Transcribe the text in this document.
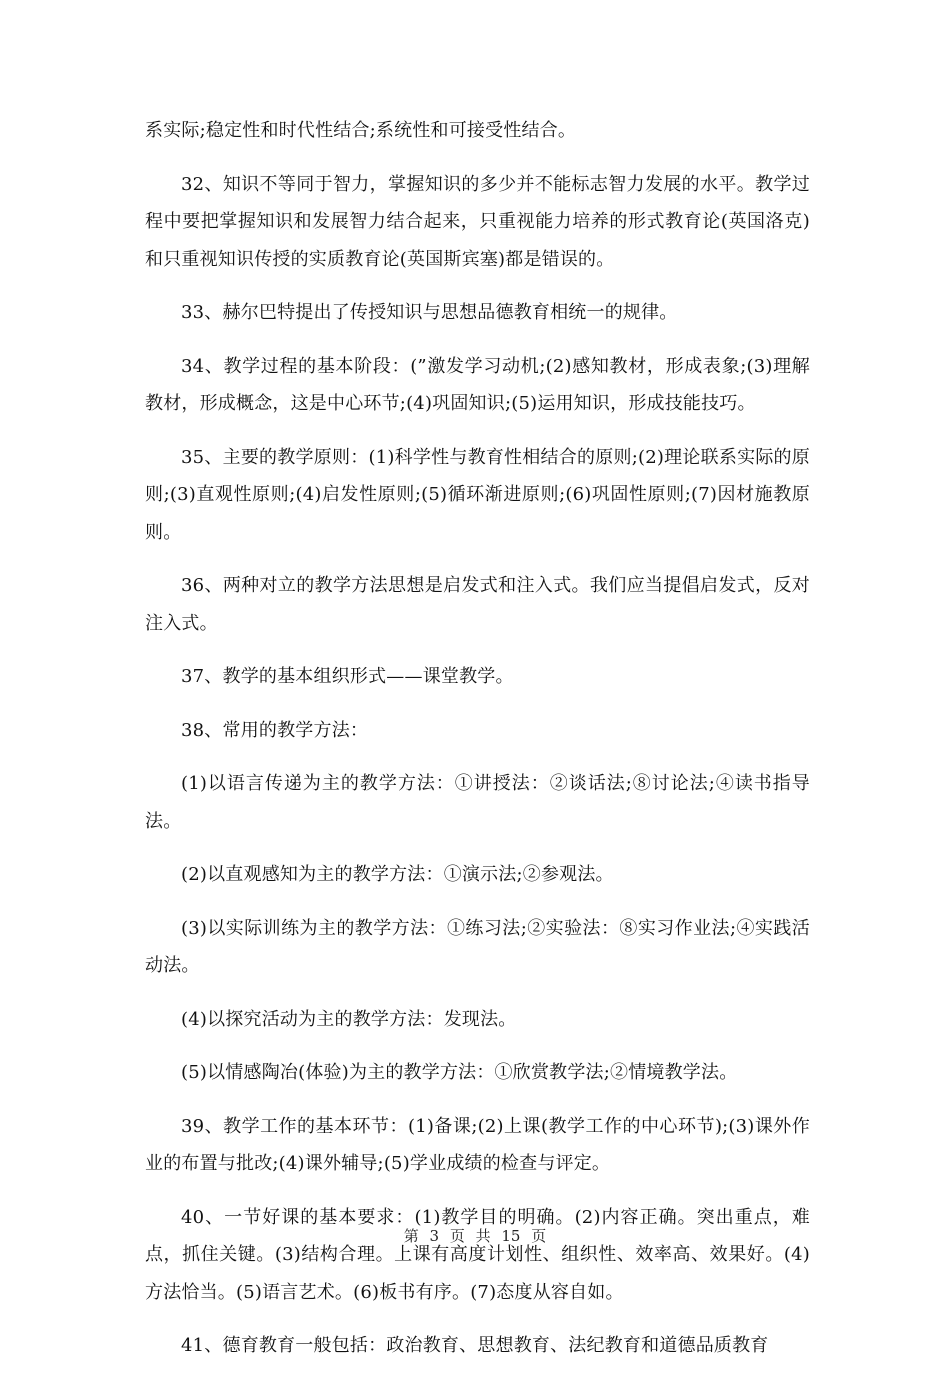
系实际;稳定性和时代性结合;系统性和可接受性结合。

32、知识不等同于智力，掌握知识的多少并不能标志智力发展的水平。教学过程中要把掌握知识和发展智力结合起来，只重视能力培养的形式教育论(英国洛克)和只重视知识传授的实质教育论(英国斯宾塞)都是错误的。

33、赫尔巴特提出了传授知识与思想品德教育相统一的规律。

34、教学过程的基本阶段：(”激发学习动机;(2)感知教材，形成表象;(3)理解教材，形成概念，这是中心环节;(4)巩固知识;(5)运用知识，形成技能技巧。

35、主要的教学原则：(1)科学性与教育性相结合的原则;(2)理论联系实际的原则;(3)直观性原则;(4)启发性原则;(5)循环渐进原则;(6)巩固性原则;(7)因材施教原则。

36、两种对立的教学方法思想是启发式和注入式。我们应当提倡启发式，反对注入式。

37、教学的基本组织形式——课堂教学。

38、常用的教学方法：

(1)以语言传递为主的教学方法：①讲授法：②谈话法;⑧讨论法;④读书指导法。

(2)以直观感知为主的教学方法：①演示法;②参观法。

(3)以实际训练为主的教学方法：①练习法;②实验法：⑧实习作业法;④实践活动法。

(4)以探究活动为主的教学方法：发现法。

(5)以情感陶冶(体验)为主的教学方法：①欣赏教学法;②情境教学法。

39、教学工作的基本环节：(1)备课;(2)上课(教学工作的中心环节);(3)课外作业的布置与批改;(4)课外辅导;(5)学业成绩的检查与评定。

40、一节好课的基本要求：(1)教学目的明确。(2)内容正确。突出重点，难点，抓住关键。(3)结构合理。上课有高度计划性、组织性、效率高、效果好。(4)方法恰当。(5)语言艺术。(6)板书有序。(7)态度从容自如。

41、德育教育一般包括：政治教育、思想教育、法纪教育和道德品质教育

第 3 页 共 15 页
